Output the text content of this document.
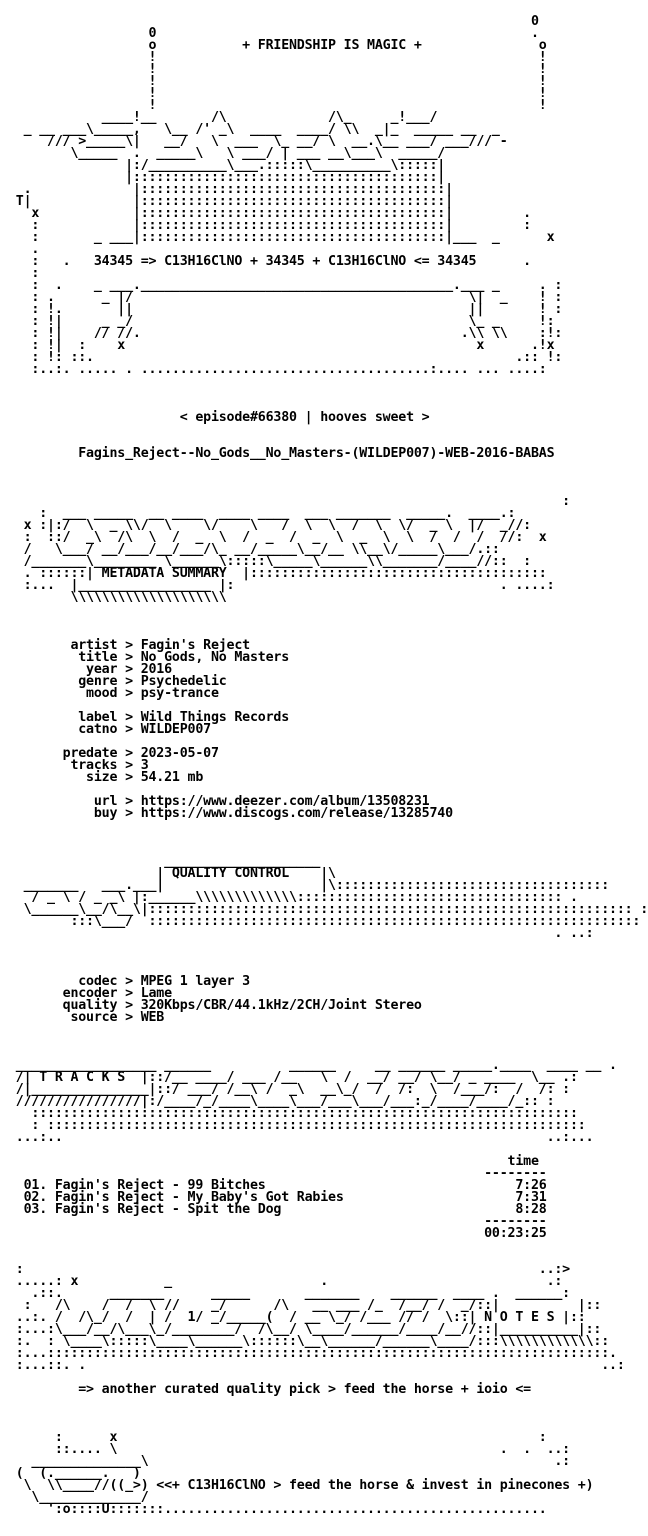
0
0                                                .
o           + FRIENDSHIP IS MAGIC +               o
!                                                 !
!                                                 !
!                                                 !
!                                                 !
!                                                 !
____!__       /\             /\_     _!___/
_ __ ___\_____,   \__ /' _\  ____  ____/ \\  _|_  _____ __  _
/// >_____\|   __/   \  ___  \_ __/ \  __.\__ ___/ ___/// -
\_____  .  _____\   \ ___/ | ___ __\___\  _____/
|:/__________\___.:::::\__________\:::::|
|:::::::::::::::::::::::::::::::::::::::|
.             |:::::::::::::::::::::::::::::::::::::::|
T|             |:::::::::::::::::::::::::::::::::::::::|
x            |:::::::::::::::::::::::::::::::::::::::|         .
:            |:::::::::::::::::::::::::::::::::::::::|         :
:       _ ___|:::::::::::::::::::::::::::::::::::::::|___  _      x
.
:   .   34345 => C13H16ClNO + 34345 + C13H16ClNO <= 34345      .
:
:  .    _ ___.________________________________________.___ _     . :
: .      _ |/                                           \|  _    ! :
: !.       ||                                           ||       ! :
: !|     _ _/                                           \_ _     !:
: !|    // //.                                         .\\ \\    :!:
: !|  :    x                                             x      .!x
: !: ::.                                                      .:: !:
:..:. ..... . .....................................:.... ... ....:
< episode#66380 | hooves sweet >
Fagins_Reject--No_Gods__No_Masters-(WILDEP007)-WEB-2016-BABAS
:
:  ___ _____  __ ____  ____ ____  ___ _______  _____.  ____.:
x :|:/  \  _ \\/  \    \/    \   /  \  \  /  \  \/  _ \  |/  _//:
:  ::/  _\  /\  \  /  _  \  /  _  /  _  \  _  \  \  /  /  /  //:  x
/   \___/ __/___/__/___/\_ __/_____\__/__ \\__\/_____\___/.::
/_______\________ \______\:::::\_____\______\\_______/____//::  :
. ::::::| METADATA SUMMARY  |::::::::::::::::::::::::::::::::::::::
:...  |_________________ |:                                  . ....:
\\\\\\\\\\\\\\\\\\\\
artist > Fagin's Reject
title > No Gods, No Masters
year > 2016
genre > Psychedelic
mood > psy-trance
label > Wild Things Records
catno > WILDEP007
predate > 2023-05-07
tracks > 3
size > 54.21 mb
url > https://www.deezer.com/album/13508231
buy > https://www.discogs.com/release/13285740
____________________
| QUALITY CONTROL    |\
_______   ___.___|                    |\:::::::::::::::::::::::::::::::::::
/ _ \ / _ _\ |:______\\\\\\\\\\\\\:::::::::::::::::::::::::::::::::: .
\______\__/\__\|:::::::::::::::::::::::::::::::::::::::::::::::::::::::::::::: :
:::\___/  :::::::::::::::::::::::::::::::::::::::::::::::::::::::::::::::
. ..:
codec > MPEG 1 layer 3
encoder > Lame
quality > 320Kbps/CBR/44.1kHz/2CH/Joint Stereo
source > WEB
__________________ ______          ______     __ ______ _____.____  ____ __ .
/| T R A C K S  |::/__ ____/ ___ /__   \  /  __/ __/ \__/ _ ____  \__ .:
/|_______________|::/ ___/ /__\ /  _\  __\_/  /  /:  \  /___/:  /  /: :
////////////////|:/____/_/____\____\___/___\___/___:_/____/____/_:: :
::::::::::::::::::::::::::::::::::::::::::::::::::::::::::::::::::::::
: :::::::::::::::::::::::::::::::::::::::::::::::::::::::::::::::::::::
...:..                                                              ..:...
time
--------
01. Fagin's Reject - 99 Bitches                                7:26
02. Fagin's Reject - My Baby's Got Rabies                      7:31
03. Fagin's Reject - Spit the Dog                              8:28
--------
00:23:25
:                                                                  ..:>
.....: x           _                   .                            .:
.::.      _______      _____       _______    ______  ____ .  ______:
:   /\    /  /  \ //    _/      /\   __ ___ /_  /__/ /  _/::|          |::
..:. /  /\_/  /  | /  1/ _/_____(  / __ \_/ /___ // /  \::| N O T E S |::
:...:\___/__/\___\_/________/  /\__/ \____/______/____/__//::|__________|::
:.  : \____\:::::\____\______\::::::\__\______/______\____/:::\\\\\\\\\\\\::
:...::::::::::::::::::::::::::::::::::::::::::::::::::::::::::::::::::::::::.
:...::. .                                                                  ..:
=> another curated quality pick > feed the horse + ioio <=
:      x                                                      :
::.... \                                                 .  .  ..:
______________\                                                    .:
(  (.______.   )
\  \\____//((_>) <<+ C13H16ClNO > feed the horse & invest in pinecones +)
\_____________/
':o::::U:::::::.................................................
